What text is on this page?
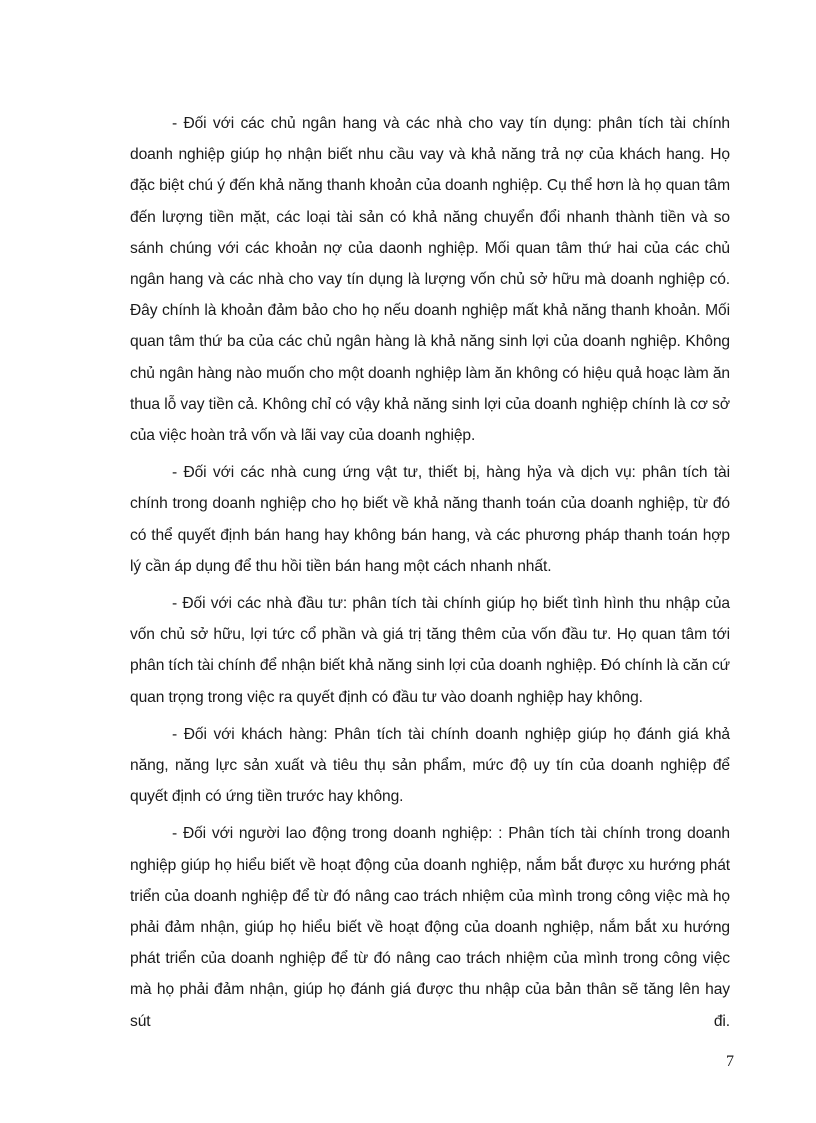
- Đối với các chủ ngân hang và các nhà cho vay tín dụng: phân tích tài chính doanh nghiệp giúp họ nhận biết nhu cầu vay và khả năng trả nợ của khách hang. Họ đặc biệt chú ý đến khả năng thanh khoản của doanh nghiệp. Cụ thể hơn là họ quan tâm đến lượng tiền mặt, các loại tài sản có khả năng chuyển đổi nhanh thành tiền và so sánh chúng với các khoản nợ của daonh nghiệp. Mối quan tâm thứ hai của các chủ ngân hang và các nhà cho vay tín dụng là lượng vốn chủ sở hữu mà doanh nghiệp có. Đây chính là khoản đảm bảo cho họ nếu doanh nghiệp mất khả năng thanh khoản. Mối quan tâm thứ ba của các chủ ngân hàng là khả năng sinh lợi của doanh nghiệp. Không chủ ngân hàng nào muốn cho một doanh nghiệp làm ăn không có hiệu quả hoạc làm ăn thua lỗ vay tiền cả. Không chỉ có vậy khả năng sinh lợi của doanh nghiệp chính là cơ sở của việc hoàn trả vốn và lãi vay của doanh nghiệp.

- Đối với các nhà cung ứng vật tư, thiết bị, hàng hỷa và dịch vụ: phân tích tài chính trong doanh nghiệp cho họ biết về khả năng thanh toán của doanh nghiệp, từ đó có thể quyết định bán hang hay không bán hang, và các phương pháp thanh toán hợp lý cần áp dụng để thu hồi tiền bán hang một cách nhanh nhất.

- Đối với các nhà đầu tư: phân tích tài chính giúp họ biết tình hình thu nhập của vốn chủ sở hữu, lợi tức cổ phần và giá trị tăng thêm của vốn đầu tư. Họ quan tâm tới phân tích tài chính để nhận biết khả năng sinh lợi của doanh nghiệp. Đó chính là căn cứ quan trọng trong việc ra quyết định có đầu tư vào doanh nghiệp hay không.

- Đối với khách hàng: Phân tích tài chính doanh nghiệp giúp họ đánh giá khả năng, năng lực sản xuất và tiêu thụ sản phẩm, mức độ uy tín của doanh nghiệp để quyết định có ứng tiền trước hay không.

- Đối với người lao động trong doanh nghiệp: : Phân tích tài chính trong doanh nghiệp giúp họ hiểu biết về hoạt động của doanh nghiệp, nắm bắt được xu hướng phát triển của doanh nghiệp để từ đó nâng cao trách nhiệm của mình trong công việc mà họ phải đảm nhận, giúp họ hiểu biết về hoạt động của doanh nghiệp, nắm bắt xu hướng phát triển của doanh nghiệp để từ đó nâng cao trách nhiệm của mình trong công việc mà họ phải đảm nhận, giúp họ đánh giá được thu nhập của bản thân sẽ tăng lên hay sút đi.

7
